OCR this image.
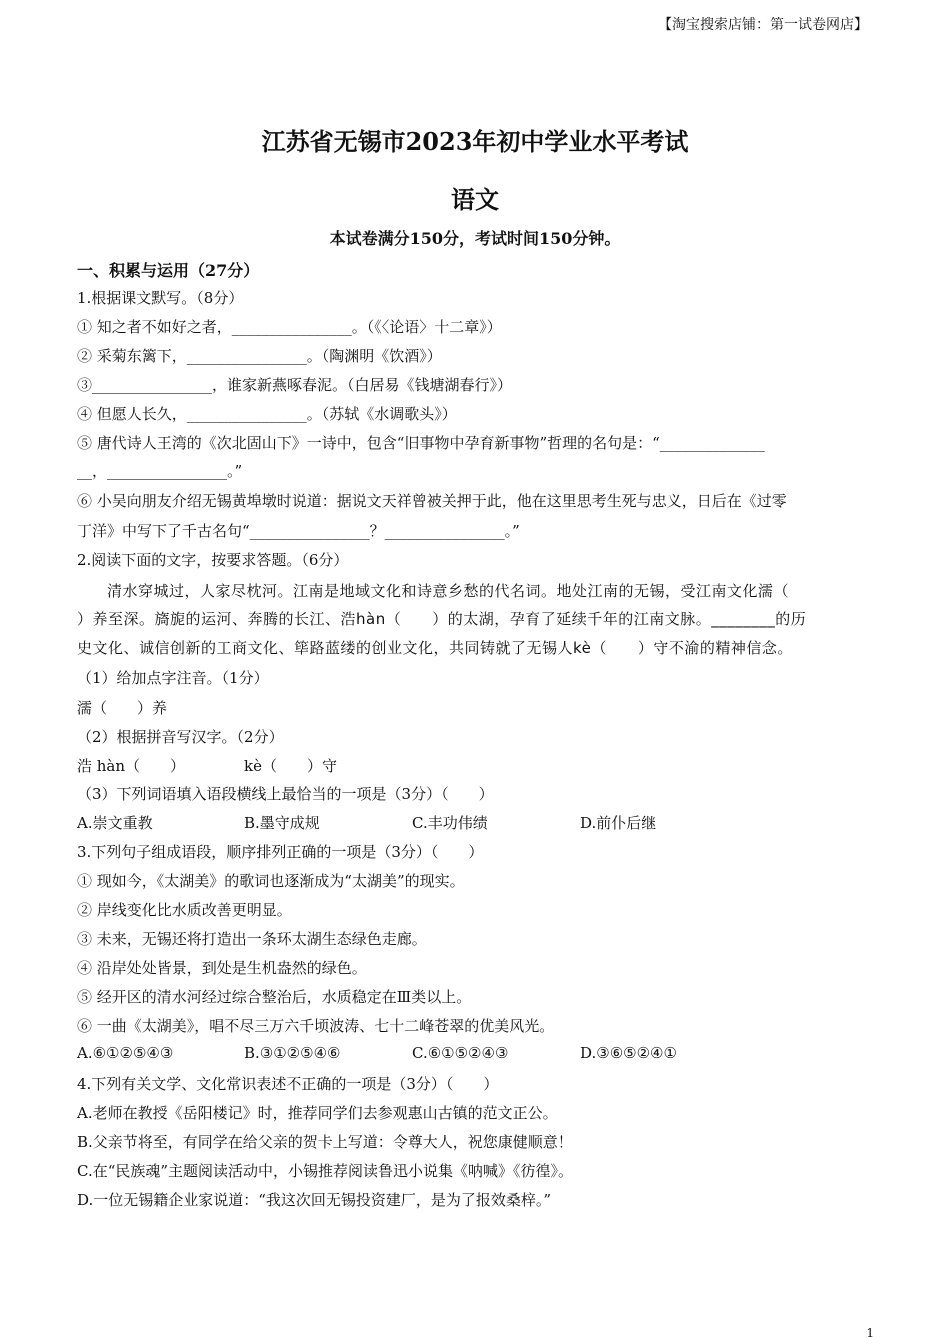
【淘宝搜索店铺：第一试卷网店】
江苏省无锡市2023年初中学业水平考试
语文
本试卷满分150分，考试时间150分钟。
一、积累与运用（27分）
1.根据课文默写。（8分）
① 知之者不如好之者，________________。（《〈论语〉十二章》）
② 采菊东篱下，________________。（陶渊明《饮酒》）
③________________，谁家新燕啄春泥。（白居易《钱塘湖春行》）
④ 但愿人长久，________________。（苏轼《水调歌头》）
⑤ 唐代诗人王湾的《次北固山下》一诗中，包含“旧事物中孕育新事物”哲理的名句是：“______________
__，________________。”
⑥ 小吴向朋友介绍无锡黄埠墩时说道：据说文天祥曾被关押于此，他在这里思考生死与忠义，日后在《过零
丁洋》中写下了千古名句“________________？________________。”
2.阅读下面的文字，按要求答题。（6分）
清水穿城过，人家尽枕河。江南是地域文化和诗意乡愁的代名词。地处江南的无锡，受江南文化濡（
）养至深。旖旎的运河、奔腾的长江、浩hàn（　　）的太湖，孕育了延续千年的江南文脉。________的历
史文化、诚信创新的工商文化、筚路蓝缕的创业文化，共同铸就了无锡人kè（　　）守不渝的精神信念。
（1）给加点字注音。（1分）
濡（　　）养
（2）根据拼音写汉字。（2分）
浩 hàn（　　）	kè（　　）守
（3）下列词语填入语段横线上最恰当的一项是（3分）（　　）
A.崇文重教	B.墨守成规	C.丰功伟绩	D.前仆后继
3.下列句子组成语段，顺序排列正确的一项是（3分）（　　）
① 现如今，《太湖美》的歌词也逐渐成为“太湖美”的现实。
② 岸线变化比水质改善更明显。
③ 未来，无锡还将打造出一条环太湖生态绿色走廊。
④ 沿岸处处皆景，到处是生机盎然的绿色。
⑤ 经开区的清水河经过综合整治后，水质稳定在Ⅲ类以上。
⑥ 一曲《太湖美》，唱不尽三万六千顷波涛、七十二峰苍翠的优美风光。
A.⑥①②⑤④③	B.③①②⑤④⑥	C.⑥①⑤②④③	D.③⑥⑤②④①
4.下列有关文学、文化常识表述不正确的一项是（3分）（　　）
A.老师在教授《岳阳楼记》时，推荐同学们去参观惠山古镇的范文正公。
B.父亲节将至，有同学在给父亲的贺卡上写道：令尊大人，祝您康健顺意！
C.在“民族魂”主题阅读活动中，小锡推荐阅读鲁迅小说集《呐喊》《彷徨》。
D.一位无锡籍企业家说道：“我这次回无锡投资建厂，是为了报效桑梓。”
1
